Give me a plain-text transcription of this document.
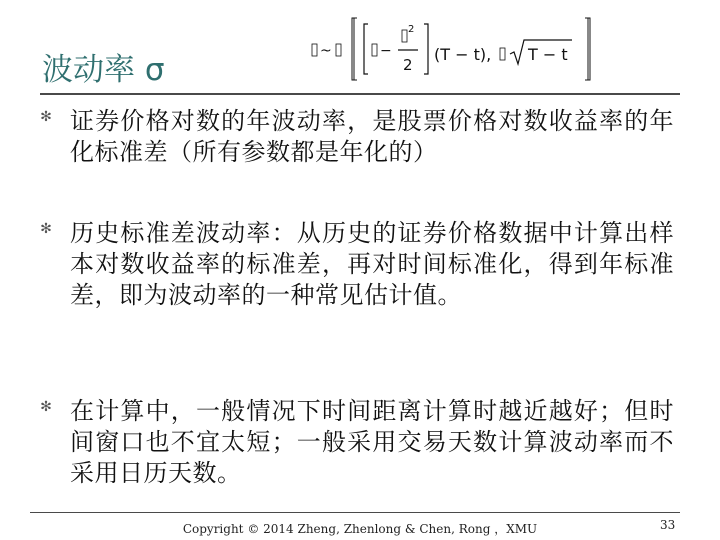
波动率 σ
~	−
2
2
(T − t), T − t
✻ 证券价格对数的年波动率，是股票价格对数收益率的年化标准差（所有参数都是年化的）
✻ 历史标准差波动率：从历史的证券价格数据中计算出样本对数收益率的标准差，再对时间标准化，得到年标准差，即为波动率的一种常见估计值。
✻ 在计算中，一般情况下时间距离计算时越近越好；但时间窗口也不宜太短；一般采用交易天数计算波动率而不采用日历天数。
Copyright © 2014 Zheng, Zhenlong & Chen, Rong ，XMU	33
